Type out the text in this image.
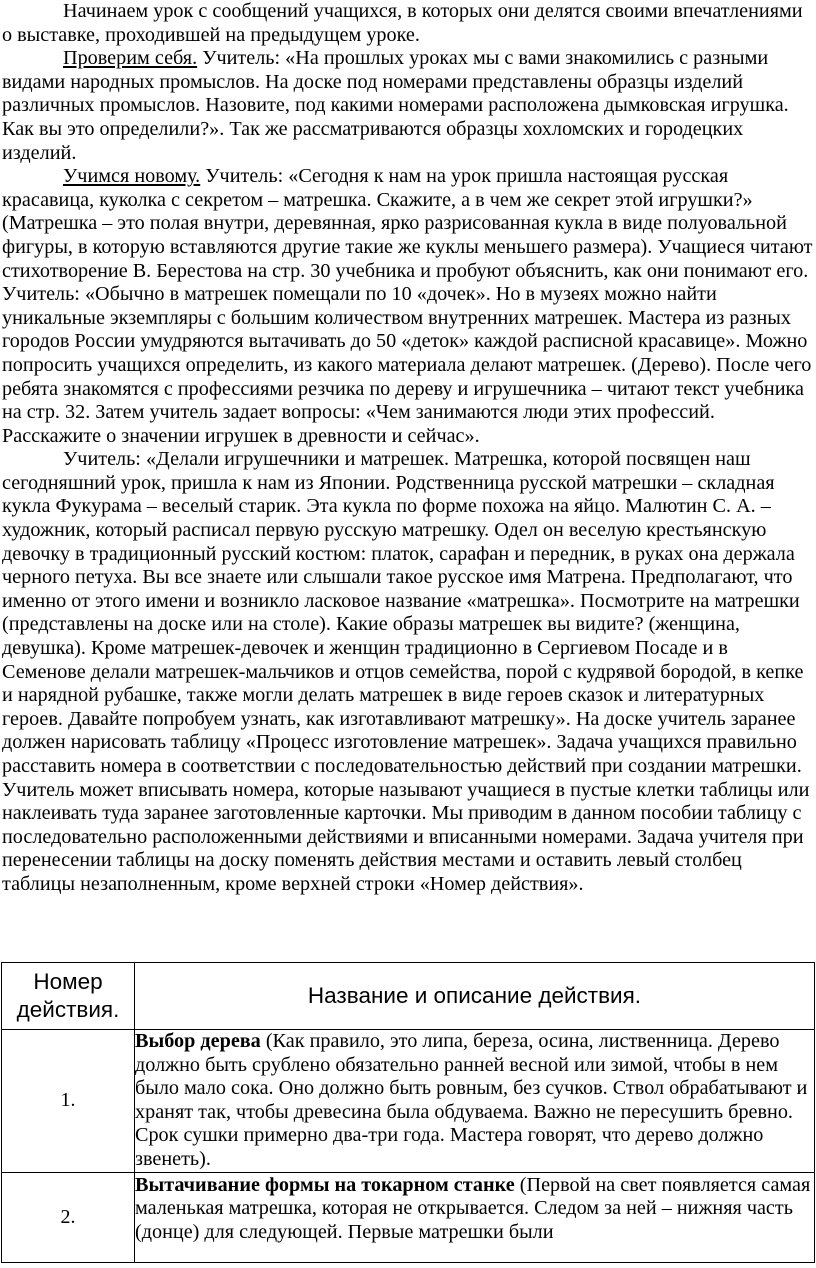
Начинаем урок с сообщений учащихся, в которых они делятся своими впечатлениями о выставке, проходившей на предыдущем уроке.

Проверим себя. Учитель: «На прошлых уроках мы с вами знакомились с разными видами народных промыслов. На доске под номерами представлены образцы изделий различных промыслов. Назовите, под какими номерами расположена дымковская игрушка. Как вы это определили?». Так же рассматриваются образцы хохломских и городецких изделий.

Учимся новому. Учитель: «Сегодня к нам на урок пришла настоящая русская красавица, куколка с секретом – матрешка. Скажите, а в чем же секрет этой игрушки?» (Матрешка – это полая внутри, деревянная, ярко разрисованная кукла в виде полуовальной фигуры, в которую вставляются другие такие же куклы меньшего размера). Учащиеся читают стихотворение В. Берестова на стр. 30 учебника и пробуют объяснить, как они понимают его. Учитель: «Обычно в матрешек помещали по 10 «дочек». Но в музеях можно найти уникальные экземпляры с большим количеством внутренних матрешек. Мастера из разных городов России умудряются вытачивать до 50 «деток» каждой расписной красавице». Можно попросить учащихся определить, из какого материала делают матрешек. (Дерево). После чего ребята знакомятся с профессиями резчика по дереву и игрушечника – читают текст учебника на стр. 32. Затем учитель задает вопросы: «Чем занимаются люди этих профессий. Расскажите о значении игрушек в древности и сейчас».

Учитель: «Делали игрушечники и матрешек. Матрешка, которой посвящен наш сегодняшний урок, пришла к нам из Японии. Родственница русской матрешки – складная кукла Фукурама – веселый старик. Эта кукла по форме похожа на яйцо. Малютин С. А. – художник, который расписал первую русскую матрешку. Одел он веселую крестьянскую девочку в традиционный русский костюм: платок, сарафан и передник, в руках она держала черного петуха. Вы все знаете или слышали такое русское имя Матрена. Предполагают, что именно от этого имени и возникло ласковое название «матрешка». Посмотрите на матрешки (представлены на доске или на столе). Какие образы матрешек вы видите? (женщина, девушка). Кроме матрешек-девочек и женщин традиционно в Сергиевом Посаде и в Семенове делали матрешек-мальчиков и отцов семейства, порой с кудрявой бородой, в кепке и нарядной рубашке, также могли делать матрешек в виде героев сказок и литературных героев. Давайте попробуем узнать, как изготавливают матрешку». На доске учитель заранее должен нарисовать таблицу «Процесс изготовление матрешек». Задача учащихся правильно расставить номера в соответствии с последовательностью действий при создании матрешки. Учитель может вписывать номера, которые называют учащиеся в пустые клетки таблицы или наклеивать туда заранее заготовленные карточки. Мы приводим в данном пособии таблицу с последовательно расположенными действиями и вписанными номерами. Задача учителя при перенесении таблицы на доску поменять действия местами и оставить левый столбец таблицы незаполненным, кроме верхней строки «Номер действия».

Номер действия.	Название и описание действия.
1.	Выбор дерева (Как правило, это липа, береза, осина, лиственница. Дерево должно быть срублено обязательно ранней весной или зимой, чтобы в нем было мало сока. Оно должно быть ровным, без сучков. Ствол обрабатывают и хранят так, чтобы древесина была обдуваема. Важно не пересушить бревно. Срок сушки примерно два-три года. Мастера говорят, что дерево должно звенеть).
2.	Вытачивание формы на токарном станке (Первой на свет появляется самая маленькая матрешка, которая не открывается. Следом за ней – нижняя часть (донце) для следующей. Первые матрешки были
